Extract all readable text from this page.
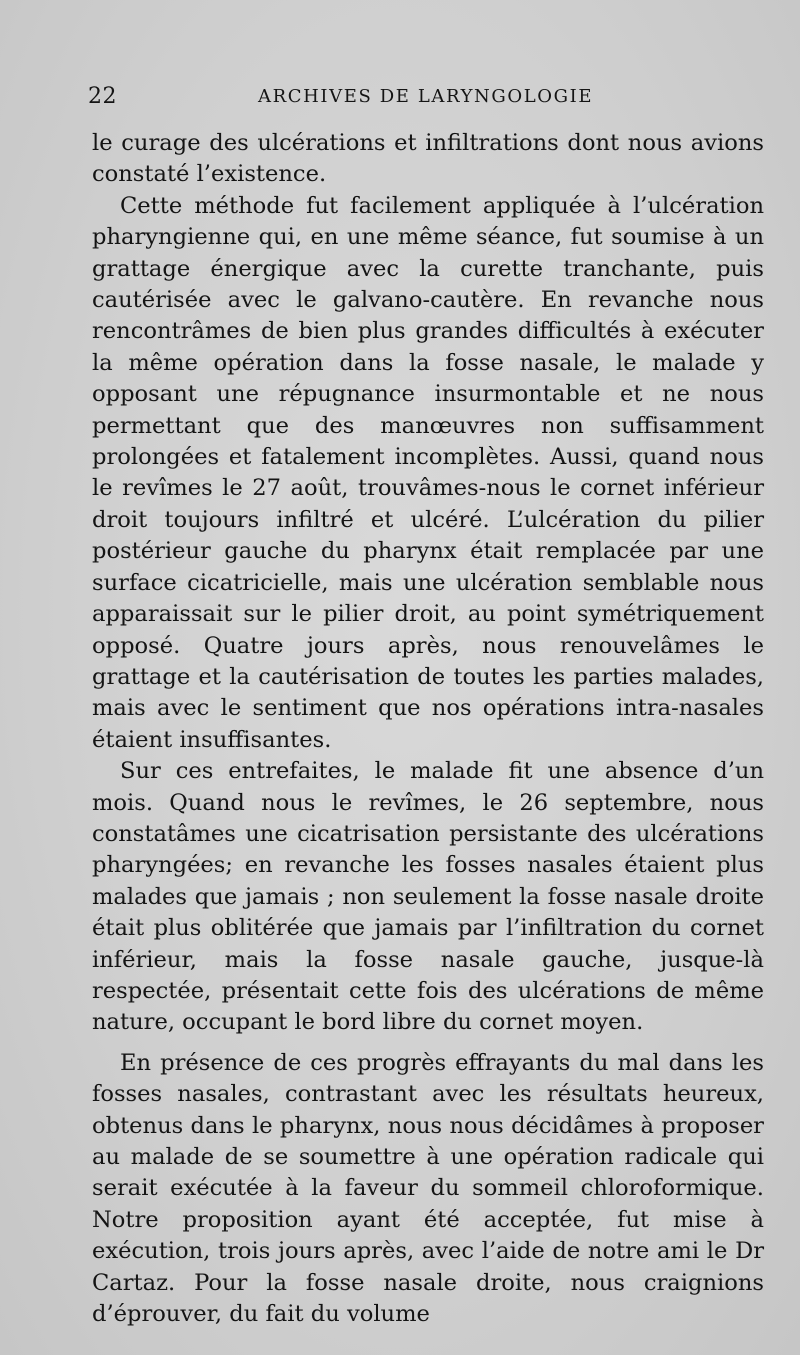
22	ARCHIVES DE LARYNGOLOGIE

le curage des ulcérations et infiltrations dont nous avions constaté l’existence.

Cette méthode fut facilement appliquée à l’ulcération pharyngienne qui, en une même séance, fut soumise à un grattage énergique avec la curette tranchante, puis cautérisée avec le galvano-cautère. En revanche nous rencontrâmes de bien plus grandes difficultés à exécuter la même opération dans la fosse nasale, le malade y opposant une répugnance insurmontable et ne nous permettant que des manœuvres non suffisamment prolongées et fatalement incomplètes. Aussi, quand nous le revîmes le 27 août, trouvâmes-nous le cornet inférieur droit toujours infiltré et ulcéré. L’ulcération du pilier postérieur gauche du pharynx était remplacée par une surface cicatricielle, mais une ulcération semblable nous apparaissait sur le pilier droit, au point symétriquement opposé. Quatre jours après, nous renouvelâmes le grattage et la cautérisation de toutes les parties malades, mais avec le sentiment que nos opérations intra-nasales étaient insuffisantes.

Sur ces entrefaites, le malade fit une absence d’un mois. Quand nous le revîmes, le 26 septembre, nous constatâmes une cicatrisation persistante des ulcérations pharyngées; en revanche les fosses nasales étaient plus malades que jamais ; non seulement la fosse nasale droite était plus oblitérée que jamais par l’infiltration du cornet inférieur, mais la fosse nasale gauche, jusque-là respectée, présentait cette fois des ulcérations de même nature, occupant le bord libre du cornet moyen.

En présence de ces progrès effrayants du mal dans les fosses nasales, contrastant avec les résultats heureux, obtenus dans le pharynx, nous nous décidâmes à proposer au malade de se soumettre à une opération radicale qui serait exécutée à la faveur du sommeil chloroformique. Notre proposition ayant été acceptée, fut mise à exécution, trois jours après, avec l’aide de notre ami le Dr Cartaz. Pour la fosse nasale droite, nous craignions d’éprouver, du fait du volume
